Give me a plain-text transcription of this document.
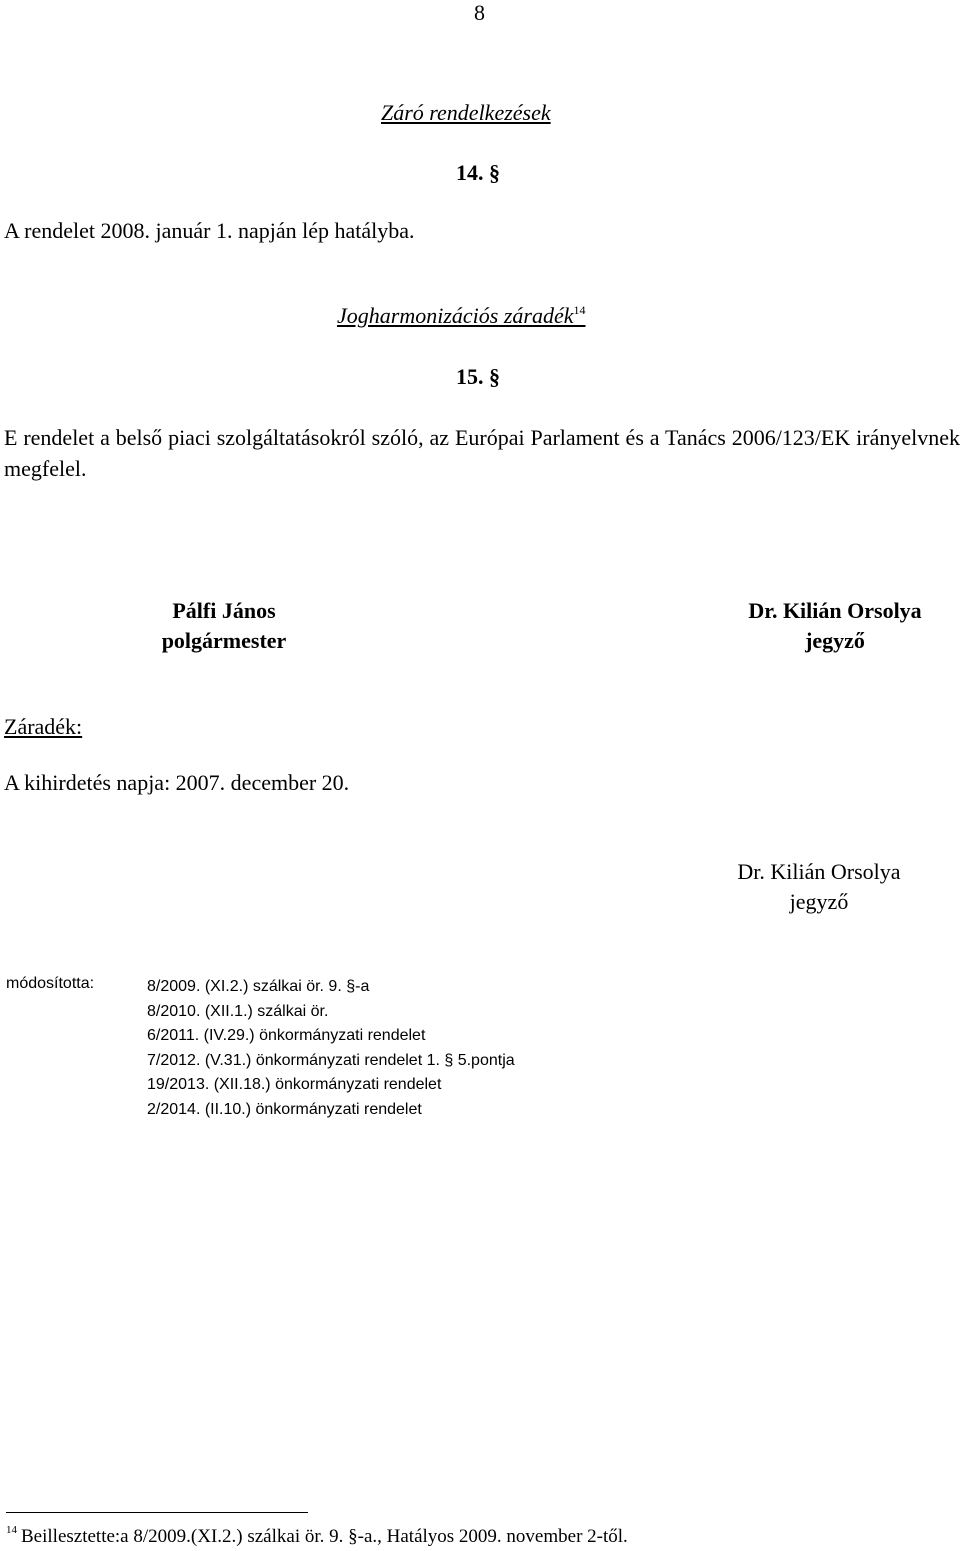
8
Záró rendelkezések
14. §
A rendelet 2008. január 1. napján lép hatályba.
Jogharmonizációs záradék$^{14}$
15. §
E rendelet a belső piaci szolgáltatásokról szóló, az Európai Parlament és a Tanács 2006/123/EK irányelvnek megfelel.
Pálfi János
polgármester
Dr. Kilián Orsolya
jegyző
Záradék:
A kihirdetés napja: 2007. december 20.
Dr. Kilián Orsolya
jegyző
módosította:	8/2009. (XI.2.) szálkai ör. 9. §-a
8/2010. (XII.1.) szálkai ör.
6/2011. (IV.29.) önkormányzati rendelet
7/2012. (V.31.) önkormányzati rendelet 1. § 5.pontja
19/2013. (XII.18.) önkormányzati rendelet
2/2014. (II.10.) önkormányzati rendelet
$^{14}$ Beillesztette:a 8/2009.(XI.2.) szálkai ör. 9. §-a., Hatályos 2009. november 2-től.
